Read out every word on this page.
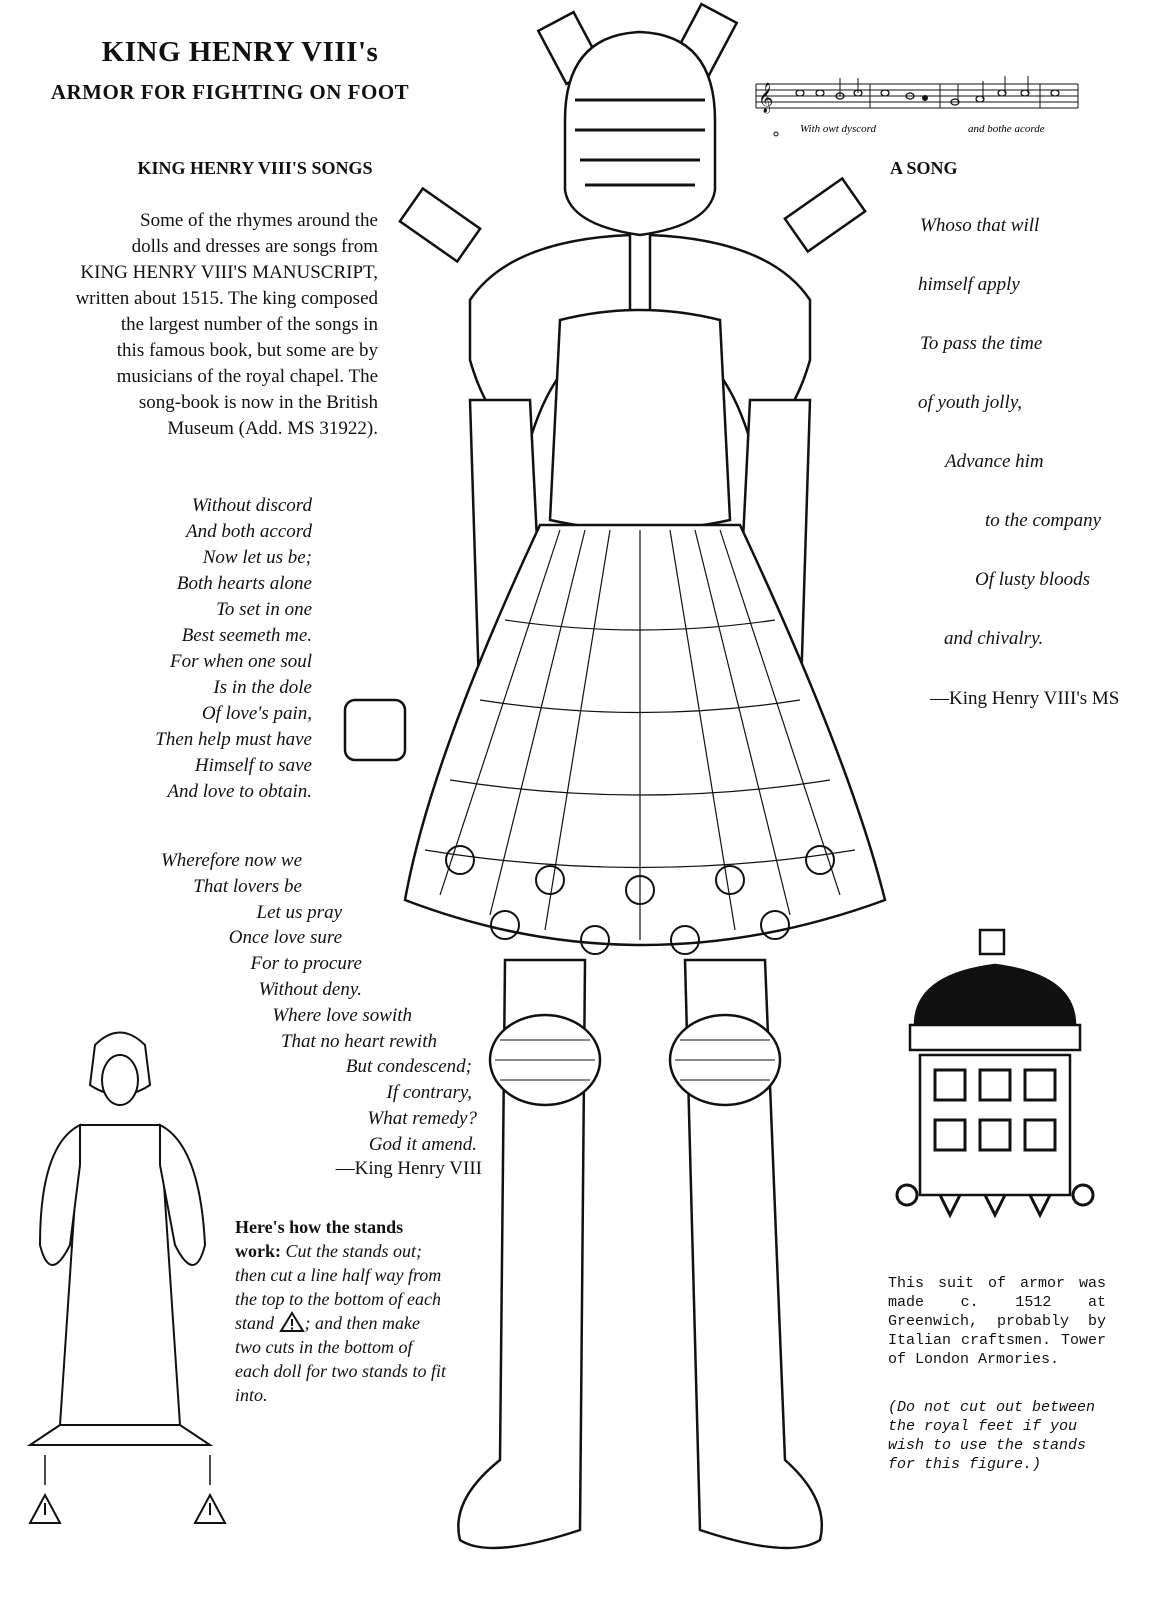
KING HENRY VIII's
ARMOR FOR FIGHTING ON FOOT
KING HENRY VIII'S SONGS
Some of the rhymes around the
dolls and dresses are songs from
KING HENRY VIII'S MANUSCRIPT,
written about 1515. The king composed
the largest number of the songs in
this famous book, but some are by
musicians of the royal chapel. The
song-book is now in the British
Museum (Add. MS 31922).
Without discord
And both accord
Now let us be;
Both hearts alone
To set in one
Best seemeth me.
For when one soul
Is in the dole
Of love's pain,
Then help must have
Himself to save
And love to obtain.
Wherefore now we
That lovers be
Let us pray
Once love sure
For to procure
Without deny.
Where love sowith
That no heart rewith
But condescend;
If contrary,
What remedy?
God it amend.
—King Henry VIII
Here's how the stands work: Cut the stands out; then cut a line half way from the top to the bottom of each stand ; and then make two cuts in the bottom of each doll for two stands to fit into.
A SONG
Whoso that will
himself apply
To pass the time
of youth jolly,
Advance him
to the company
Of lusty bloods
and chivalry.
—King Henry VIII's MS
𝄞
With owt dyscord	and bothe acorde
This suit of armor was made c. 1512 at Greenwich, probably by Italian craftsmen. Tower of London Armories.
(Do not cut out between the royal feet if you wish to use the stands for this figure.)
